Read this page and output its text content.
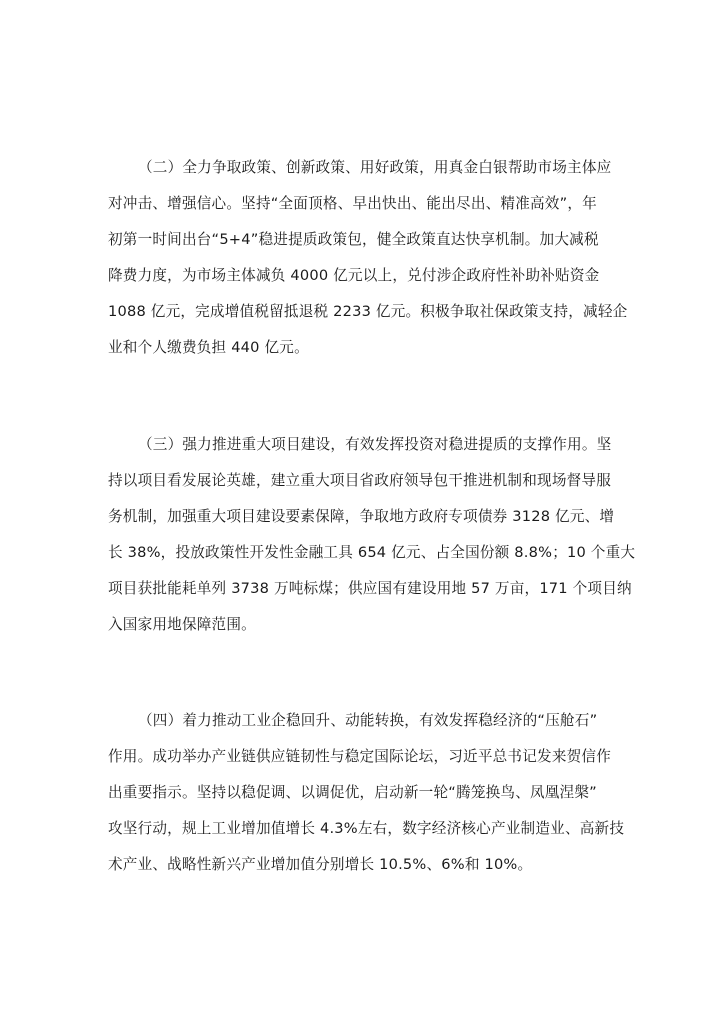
（二）全力争取政策、创新政策、用好政策，用真金白银帮助市场主体应
对冲击、增强信心。坚持“全面顶格、早出快出、能出尽出、精准高效”，年
初第一时间出台“5+4”稳进提质政策包，健全政策直达快享机制。加大减税
降费力度，为市场主体减负 4000 亿元以上，兑付涉企政府性补助补贴资金
1088 亿元，完成增值税留抵退税 2233 亿元。积极争取社保政策支持，减轻企
业和个人缴费负担 440 亿元。
（三）强力推进重大项目建设，有效发挥投资对稳进提质的支撑作用。坚
持以项目看发展论英雄，建立重大项目省政府领导包干推进机制和现场督导服
务机制，加强重大项目建设要素保障，争取地方政府专项债券 3128 亿元、增
长 38%，投放政策性开发性金融工具 654 亿元、占全国份额 8.8%；10 个重大
项目获批能耗单列 3738 万吨标煤；供应国有建设用地 57 万亩，171 个项目纳
入国家用地保障范围。
（四）着力推动工业企稳回升、动能转换，有效发挥稳经济的“压舱石”
作用。成功举办产业链供应链韧性与稳定国际论坛，习近平总书记发来贺信作
出重要指示。坚持以稳促调、以调促优，启动新一轮“腾笼换鸟、凤凰涅槃”
攻坚行动，规上工业增加值增长 4.3%左右，数字经济核心产业制造业、高新技
术产业、战略性新兴产业增加值分别增长 10.5%、6%和 10%。
